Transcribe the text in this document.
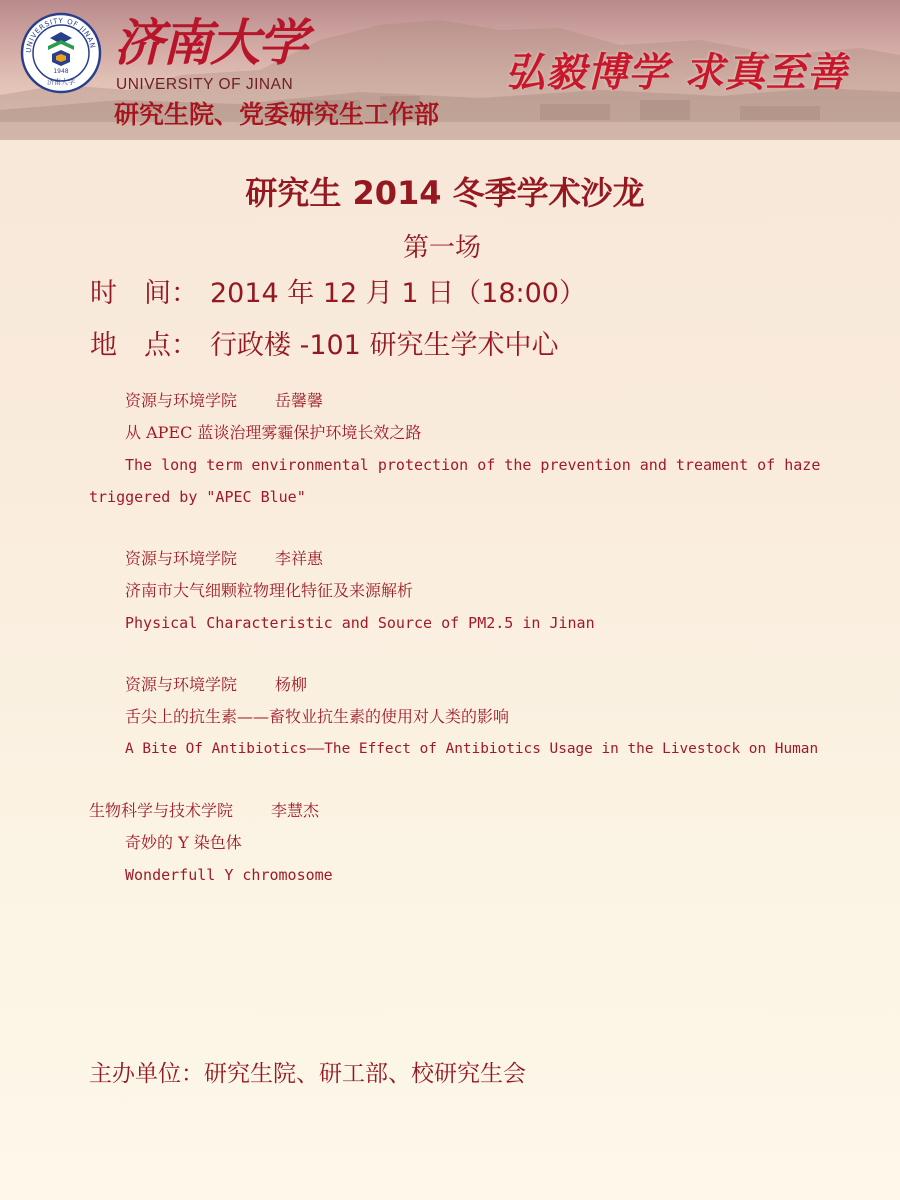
UNIVERSITY OF JINAN
1948
济南大学
济南大学
UNIVERSITY OF JINAN
研究生院、党委研究生工作部
弘毅博学 求真至善
研究生 2014 冬季学术沙龙
第一场
时　间： 2014 年 12 月 1 日（18:00）
地　点： 行政楼 -101 研究生学术中心
资源与环境学院 岳馨馨
从 APEC 蓝谈治理雾霾保护环境长效之路
The long term environmental protection of the prevention and treament of haze
triggered by "APEC Blue"
资源与环境学院 李祥惠
济南市大气细颗粒物理化特征及来源解析
Physical Characteristic and Source of PM2.5 in Jinan
资源与环境学院 杨柳
舌尖上的抗生素——畜牧业抗生素的使用对人类的影响
A Bite Of Antibiotics——The Effect of Antibiotics Usage in the Livestock on Human
生物科学与技术学院 李慧杰
奇妙的 Y 染色体
Wonderfull Y chromosome
主办单位：研究生院、研工部、校研究生会
